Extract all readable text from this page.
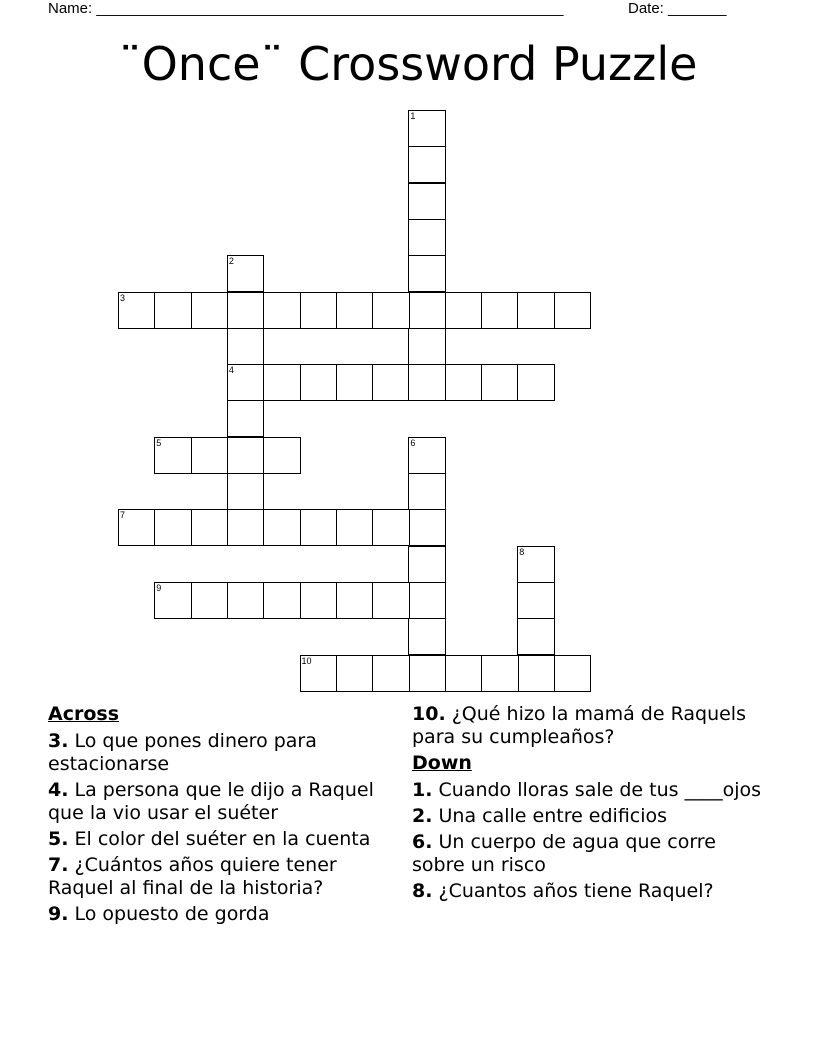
Name: ________________________________________________________	Date: _______
¨Once¨ Crossword Puzzle
1
2
4
3
5	6
7
8
9
10
Across
3. Lo que pones dinero para estacionarse
4. La persona que le dijo a Raquel que la vio usar el suéter
5. El color del suéter en la cuenta
7. ¿Cuántos años quiere tener Raquel al final de la historia?
9. Lo opuesto de gorda
10. ¿Qué hizo la mamá de Raquels para su cumpleaños?
Down
1. Cuando lloras sale de tus ____ojos
2. Una calle entre edificios
6. Un cuerpo de agua que corre sobre un risco
8. ¿Cuantos años tiene Raquel?
